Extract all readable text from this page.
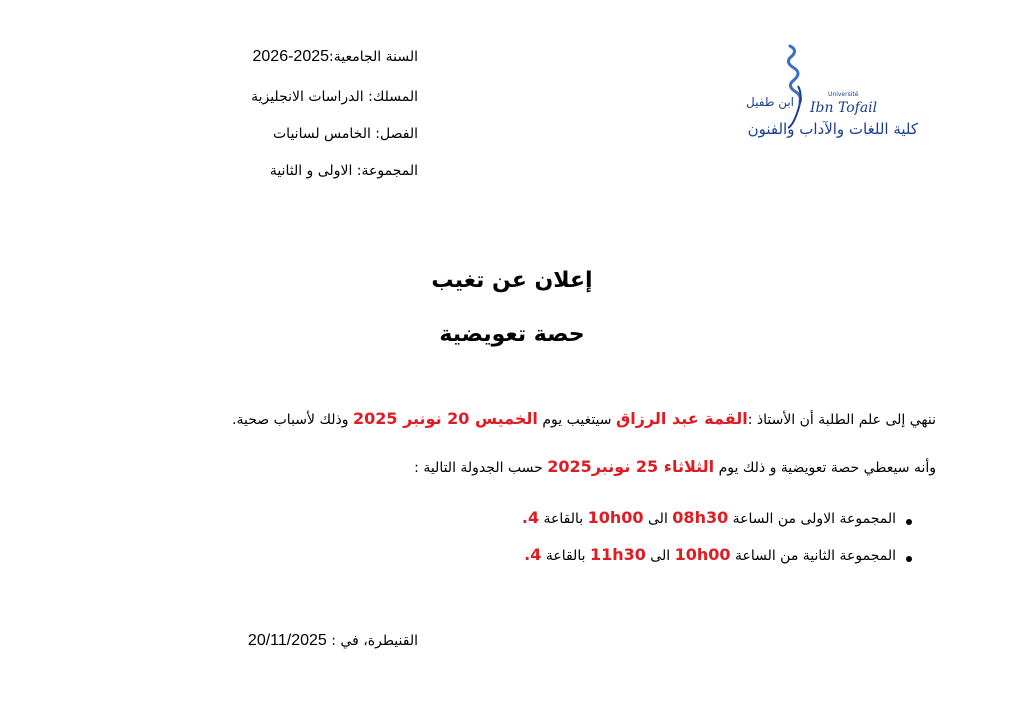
السنة الجامعية:2025-2026
المسلك: الدراسات الانجليزية
الفصل: الخامس لسانيات
المجموعة: الاولى و الثانية
Université
Ibn Tofail
ابن طفيل
كلية اللغات والآداب والفنون
إعلان عن تغيب
حصة تعويضية
ننهي إلى علم الطلبة أن الأستاذ :القمة عبد الرزاق سيتغيب يوم الخميس 20 نونبر 2025 وذلك لأسباب صحية.
وأنه سيعطي حصة تعويضية و ذلك يوم الثلاثاء 25 نونبر2025 حسب الجدولة التالية :
المجموعة الاولى من الساعة 08h30 الى 10h00 بالقاعة 4.
المجموعة الثانية من الساعة 10h00 الى 11h30 بالقاعة 4.
القنيطرة، في : 20/11/2025
